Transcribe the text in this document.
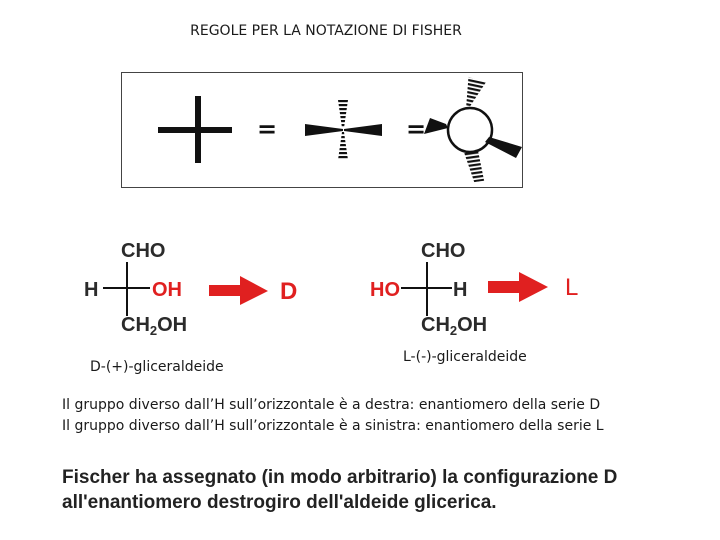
REGOLE PER LA NOTAZIONE DI FISHER
=	=
CHO
H	OH
$CH_2OH$
D
D-(+)-gliceraldeide
CHO
HO	H
$CH_2OH$
L
L-(-)-gliceraldeide
Il gruppo diverso dall’H sull’orizzontale è a destra: enantiomero della serie D
Il gruppo diverso dall’H sull’orizzontale è a sinistra: enantiomero della serie L
Fischer ha assegnato (in modo arbitrario) la configurazione D
all'enantiomero destrogiro dell'aldeide glicerica.
